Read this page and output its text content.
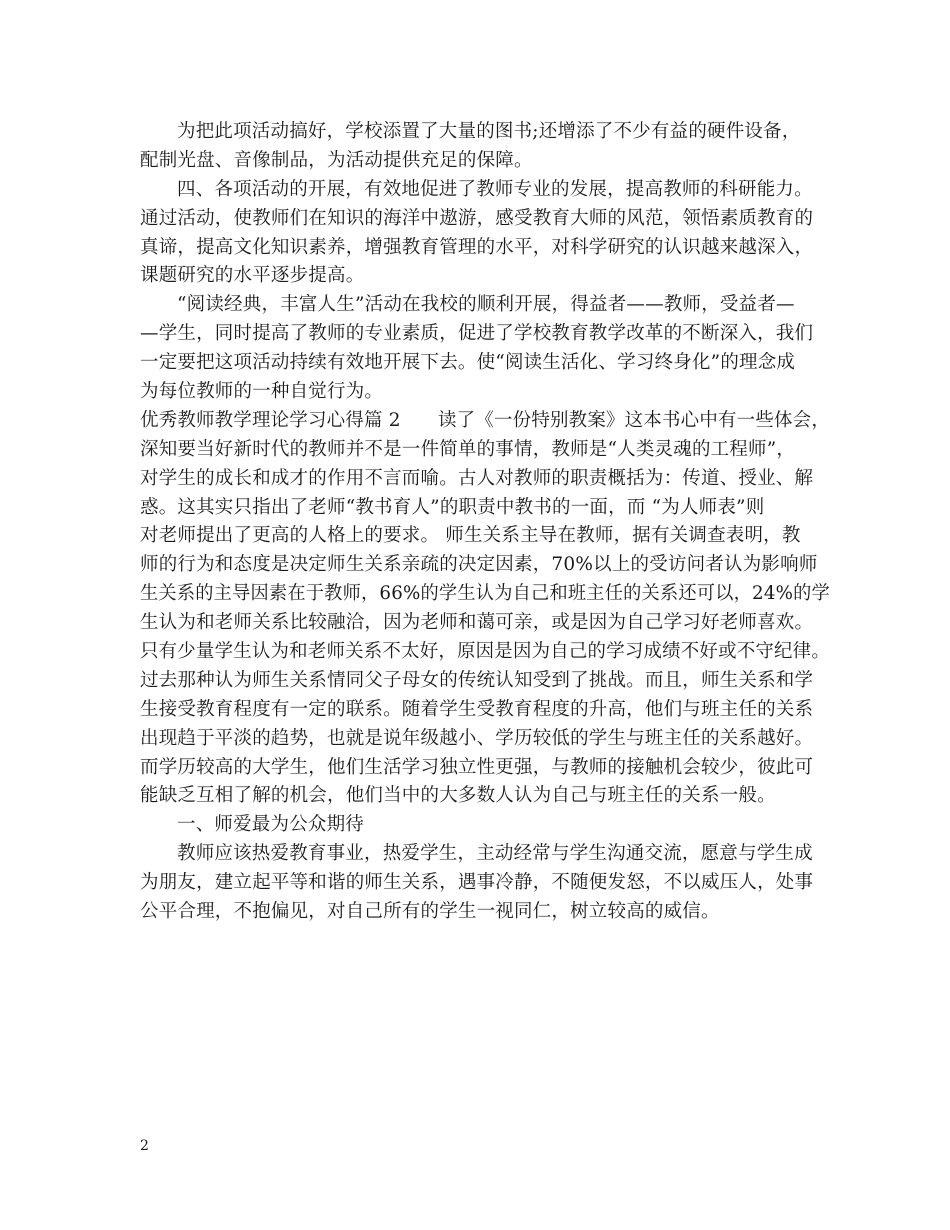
为把此项活动搞好，学校添置了大量的图书;还增添了不少有益的硬件设备，
配制光盘、音像制品，为活动提供充足的保障。
四、各项活动的开展，有效地促进了教师专业的发展，提高教师的科研能力。
通过活动，使教师们在知识的海洋中遨游，感受教育大师的风范，领悟素质教育的
真谛，提高文化知识素养，增强教育管理的水平，对科学研究的认识越来越深入，
课题研究的水平逐步提高。
“阅读经典，丰富人生”活动在我校的顺利开展，得益者——教师，受益者—
—学生，同时提高了教师的专业素质，促进了学校教育教学改革的不断深入，我们
一定要把这项活动持续有效地开展下去。使“阅读生活化、学习终身化”的理念成
为每位教师的一种自觉行为。
优秀教师教学理论学习心得篇 2　　读了《一份特别教案》这本书心中有一些体会，
深知要当好新时代的教师并不是一件简单的事情，教师是“人类灵魂的工程师”，
对学生的成长和成才的作用不言而喻。古人对教师的职责概括为：传道、授业、解
惑。这其实只指出了老师“教书育人”的职责中教书的一面，而 “为人师表”则
对老师提出了更高的人格上的要求。 师生关系主导在教师，据有关调查表明，教
师的行为和态度是决定师生关系亲疏的决定因素，70%以上的受访问者认为影响师
生关系的主导因素在于教师，66%的学生认为自己和班主任的关系还可以，24%的学
生认为和老师关系比较融洽，因为老师和蔼可亲，或是因为自己学习好老师喜欢。
只有少量学生认为和老师关系不太好，原因是因为自己的学习成绩不好或不守纪律。
过去那种认为师生关系情同父子母女的传统认知受到了挑战。而且，师生关系和学
生接受教育程度有一定的联系。随着学生受教育程度的升高，他们与班主任的关系
出现趋于平淡的趋势，也就是说年级越小、学历较低的学生与班主任的关系越好。
而学历较高的大学生，他们生活学习独立性更强，与教师的接触机会较少，彼此可
能缺乏互相了解的机会，他们当中的大多数人认为自己与班主任的关系一般。
一、师爱最为公众期待
教师应该热爱教育事业，热爱学生，主动经常与学生沟通交流，愿意与学生成
为朋友，建立起平等和谐的师生关系，遇事冷静，不随便发怒，不以威压人，处事
公平合理，不抱偏见，对自己所有的学生一视同仁，树立较高的威信。
2
